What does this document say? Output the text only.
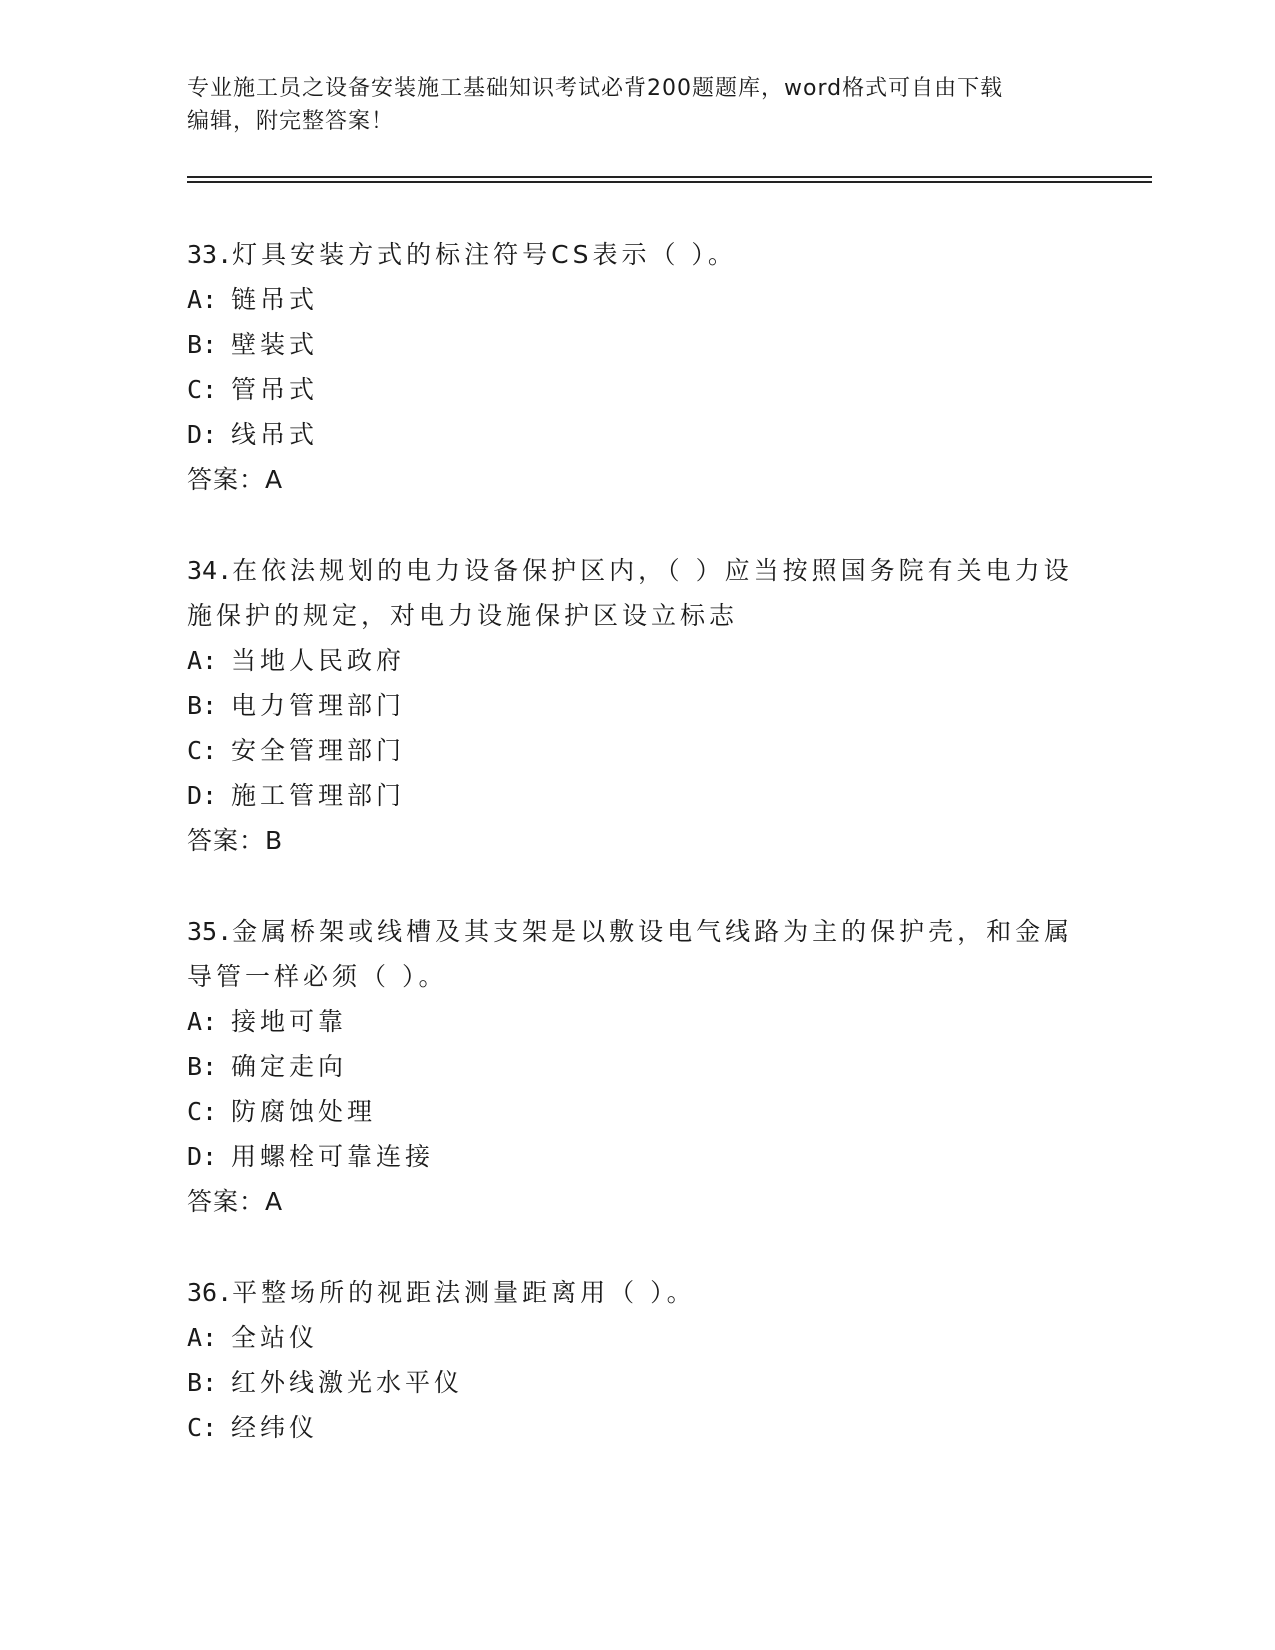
专业施工员之设备安装施工基础知识考试必背200题题库，word格式可自由下载
编辑，附完整答案！

33.灯具安装方式的标注符号CS表示（ ）。

A: 链吊式
B: 壁装式
C: 管吊式
D: 线吊式
答案：A

34.在依法规划的电力设备保护区内，（ ）应当按照国务院有关电力设施保护的规定，对电力设施保护区设立标志

A: 当地人民政府
B: 电力管理部门
C: 安全管理部门
D: 施工管理部门
答案：B

35.金属桥架或线槽及其支架是以敷设电气线路为主的保护壳，和金属导管一样必须（ ）。

A: 接地可靠
B: 确定走向
C: 防腐蚀处理
D: 用螺栓可靠连接
答案：A

36.平整场所的视距法测量距离用（ ）。

A: 全站仪
B: 红外线激光水平仪
C: 经纬仪
